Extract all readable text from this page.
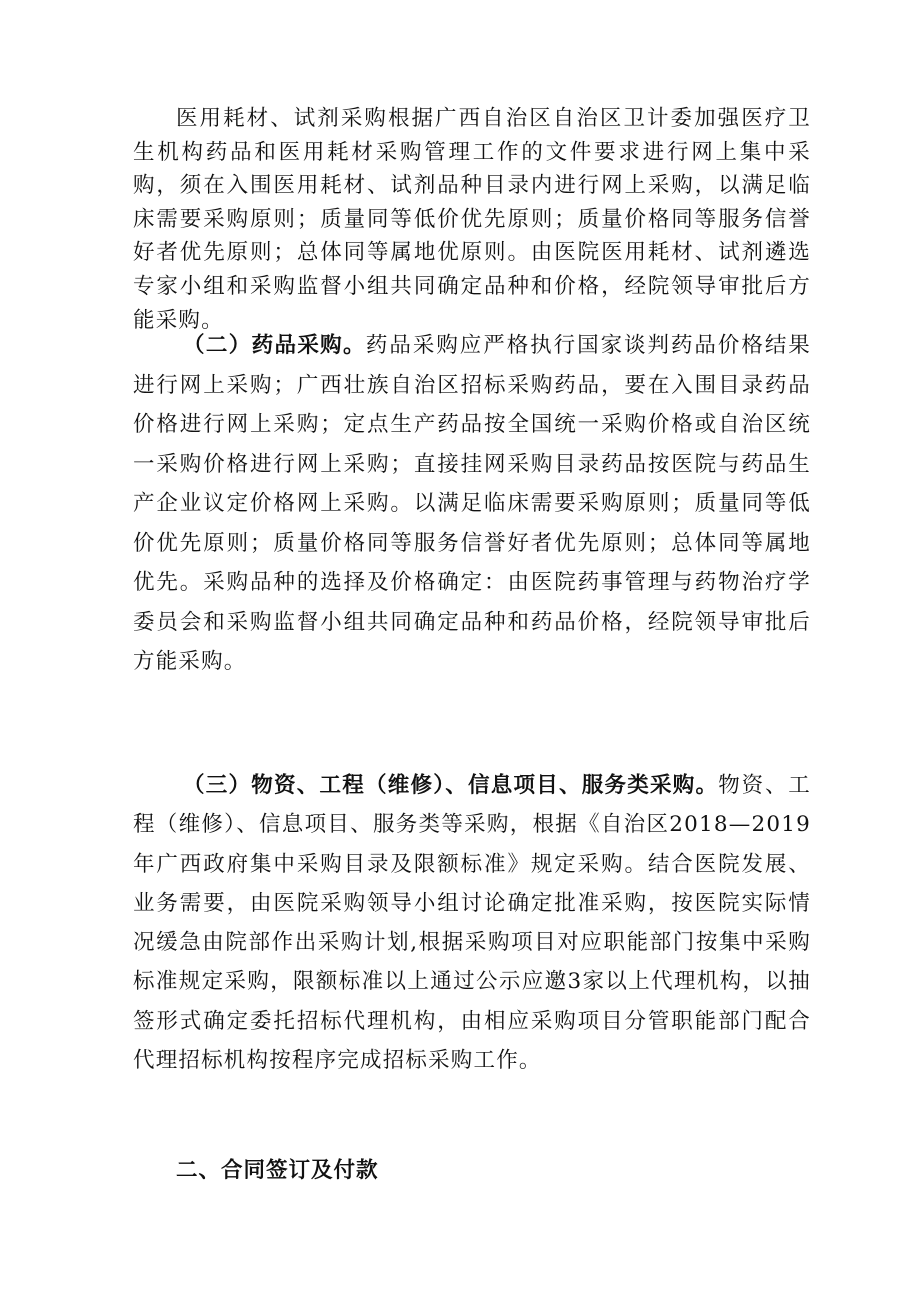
医用耗材、试剂采购根据广西自治区自治区卫计委加强医疗卫生机构药品和医用耗材采购管理工作的文件要求进行网上集中采购，须在入围医用耗材、试剂品种目录内进行网上采购，以满足临床需要采购原则；质量同等低价优先原则；质量价格同等服务信誉好者优先原则；总体同等属地优原则。由医院医用耗材、试剂遴选专家小组和采购监督小组共同确定品种和价格，经院领导审批后方能采购。

（二）药品采购。药品采购应严格执行国家谈判药品价格结果进行网上采购；广西壮族自治区招标采购药品，要在入围目录药品价格进行网上采购；定点生产药品按全国统一采购价格或自治区统一采购价格进行网上采购；直接挂网采购目录药品按医院与药品生产企业议定价格网上采购。以满足临床需要采购原则；质量同等低价优先原则；质量价格同等服务信誉好者优先原则；总体同等属地优先。采购品种的选择及价格确定：由医院药事管理与药物治疗学委员会和采购监督小组共同确定品种和药品价格，经院领导审批后方能采购。

（三）物资、工程（维修）、信息项目、服务类采购。物资、工程（维修）、信息项目、服务类等采购，根据《自治区2018—2019年广西政府集中采购目录及限额标准》规定采购。结合医院发展、业务需要，由医院采购领导小组讨论确定批准采购，按医院实际情况缓急由院部作出采购计划,根据采购项目对应职能部门按集中采购标准规定采购，限额标准以上通过公示应邀3家以上代理机构，以抽签形式确定委托招标代理机构，由相应采购项目分管职能部门配合代理招标机构按程序完成招标采购工作。

二、合同签订及付款
